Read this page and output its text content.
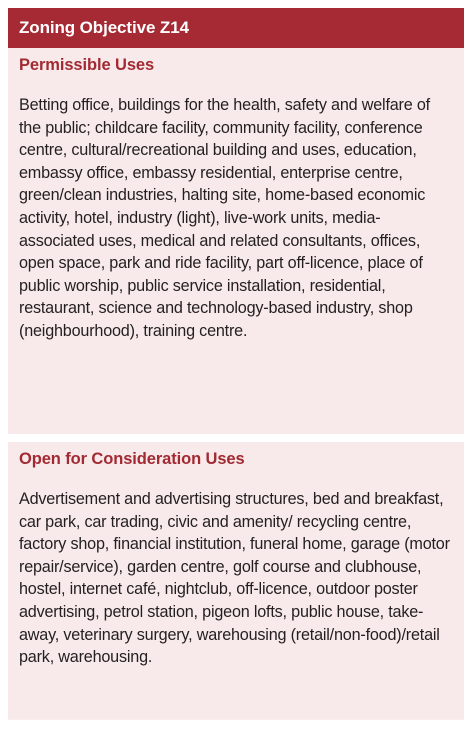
Zoning Objective Z14
Permissible Uses

Betting office, buildings for the health, safety and welfare of the public; childcare facility, community facility, conference centre, cultural/recreational building and uses, education, embassy office, embassy residential, enterprise centre, green/clean industries, halting site, home-based economic activity, hotel, industry (light), live-work units, media-associated uses, medical and related consultants, offices, open space, park and ride facility, part off-licence, place of public worship, public service installation, residential, restaurant, science and technology-based industry, shop (neighbourhood), training centre.

Open for Consideration Uses

Advertisement and advertising structures, bed and breakfast, car park, car trading, civic and amenity/ recycling centre, factory shop, financial institution, funeral home, garage (motor repair/service), garden centre, golf course and clubhouse, hostel, internet café, nightclub, off-licence, outdoor poster advertising, petrol station, pigeon lofts, public house, take-away, veterinary surgery, warehousing (retail/non-food)/retail park, warehousing.
